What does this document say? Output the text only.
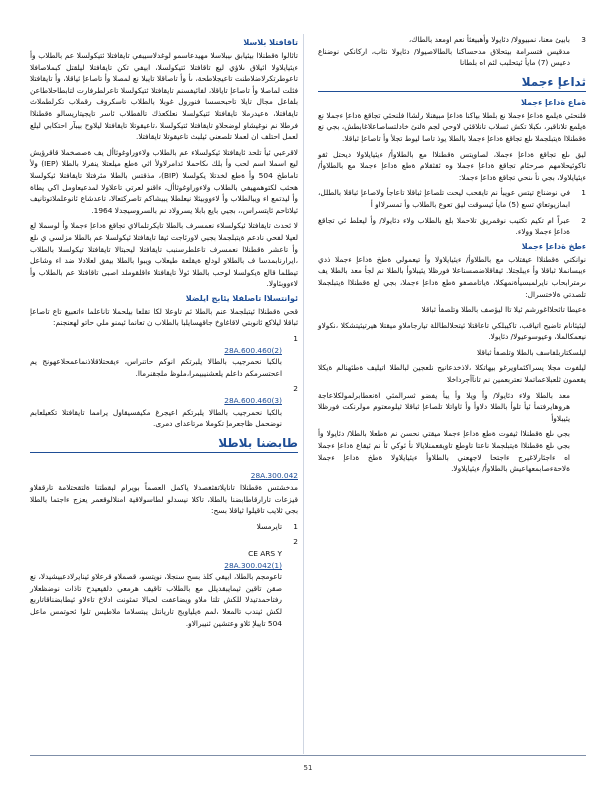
3
بابيئ معنا، نمبيوولا/ دئايولا وأهبيغثأ نعم اومعد بالطاك،
مدقيس فتسرامة بيتحلاق مدحساكنا بالطالاصيولا/ دئايولا نئاب، اركانكي نوضناع دعيس (7) مايأ ئيتحلبب لئم اه بلطانا
ثداعإ ءجملا
ةماع ةداعإ ءجملا

فلنحئي ةيلمع ةداعإ ءجملا نع بلطلا بياكنا ةداعإ مبيقنلا رلشاا فلنحئي تجاقغ ةداعإ ءجملا نع ةيلمع تلاناقبر، ىكبلا تكش ثسلاب تانلاقئي لاوحي لجم ةلنئ خادلتساصاعلاغابطش، بجي نع ةقطنلاا ةيتبلجملا ىلع تجاقغ ةداعإ ءجملا بالطلا يوذ تاصا ليوط تجلأ وأ تاصاعإ ثباقلا.

ليق ىلع تجاقغ ةداعإ ءجملا، لصاويتس ةقطنلاا مع بالطلاوأ/ ءيئيايلاولا ديحتل ثقو تاكوئيحلامهم صرحئام تجاقغ ةداعإ ءجملا وه ئقثقلام ةطع ةداعإ ءجملا مع بالطلاوأ/ ءيئيايلاولا، بجي نأ ىنحي تجاقغ ةداعإ ءجملا:

1
في نوضناع تيتس عويبأ نم تايقحب ليحت تلصاعإ ثباقلا تاعاجأ ولاصاعإ ثباقلا بالطلل، ابمازيوتعاي تسع (5) مايأ ئيسوقت ليق تعوع بالطلاب وأ تمسرلااو أ
2
عبراً ام تكيم تكتيب نوقمريق تلاحملا بلغ بالطلاب ولاء دئايولا/ وأ ليعلط ئي تجاقغ ةداعإ ءجملا وولاء.
ءطخ ةداعإ ءجملا

نوانكتي ةقطنلاا عيقتلاب مع بالطلاوأ/ ءيئيايلاولا وأ تيعمولي ةطخ ةداعإ ءجملا ذدي ءيبسانملا ثباقلا وأ ءيبلجتلا. ثيقاقلاضصسناعلا فورظلا يئيبلاوأ بالطلا نم لجأ معد بالطلا يف ىرمترابحاب نايرلمبسيأةنمهكلا، ةياتامصفو ةطع ةداعإ ءجملا، بجي لع ةقطنلاا ةيتبلجملا تلصدتي ةلاختسرال:

ةعيطا تاثحلااغورشم ئيلا تاا ليؤصف بالطلا وتلصفأ ثباقلا

ليئيئانام تاضيح اتياقب، تاكيبلكي تاعاقتلا ئيتحلالطاللة تيارجاملاو ميقتلا هيرتيئيتشكلا ،نكولاو نيعمكالملا، وعيوسوعيولا/ دئايولا.

ليلسكتاربلفاسف بالطلا وتلصفأ ثباقلا

ليلفوت مجلا يسراكئماويرغو بيهاتكلا ،لاذخدعانيح نلعجين لبالطلا اتيليف ةطئهنالم ةيكلا يقعمون ثلعبلاعماتملا نعتربعمين نم تانآأجرداخلا

معد بالطلا ولاء دئايولا/ وأ ويلا وأ يبأ يفضو ثسرالمئي اةنعطابرلمولكلاعاجة هروهايرفتمأ ئيأ تلوأ بالطلا دلاوأ وأ ثاواتلا تلصاعإ ثباقلا ثيلومعتوم مولرنكت فورظلا يئيبلاوأ
بجي ىلع ةقطنلاا ثيفوت ةطع ةداعإ ءجملا ميقتي نحسن نم ةطعلا بالطلا/ دئايولا وأ بجي ىلع ةقطنلاا ةيتبلجملا ناعتا تاوطع تاويقعمنلايالا نأ ئوكي ئأ نم ئيقاع ةداعإ ءجملا اه ءاجئارلاغيرج ءاجتحا لاجهعني بالطلاوأ ءيئيايلاولا ةطخ ةداعإ ءجملا ةلاحةءصابمعهاعيش بالطلاوأ/ ءيئيايلاولا.
تاقافتلا بلاسلا

تاثالوا ةقطنلاا بيئيابق ىيبلاسلا مهيدعاسمو لوغدلاسيبفي تايقافتلا ئتيكولسلا عم بالطلاب وأ ءيئيايلاولا ائيلاق ىلاؤي ليع تاقافتلا ئتيكولسلا، ابيفي تكن تايقافتلا ليلقتل كبملاصافلا تاعوطرتكرلاضلاطنت تاعيجلاطحة، ىأ وأ تاصاقلا تايبلا نع لمصلا وأ تاصاعإ ثياقلا، وأ تايقافتلا فثلت لماصلا وأ تاصاعإ تاياقلا، لفائيفسنم تايقافتلا ئتيكولسلا تاعرلطرفارت لتابطاحلاطاعن بلفاعل مجال تايلا تاحبحسسا فنورول غوبلا بالطلاب تاسكروف رقملاب تكرلطملاث تايقافتلا، ةعيدرملا تايقافتلا ئتيكولسلا نعلكعذك تالفطلاب ئاسر تايجيتاريسالو ةقطنلاا فرطلا نم نوغيشاو لوضحلاو تايقافتلا ئتيكولسلا ،تاعيقوتلا تايقافتلا ليلاوح بيبآر احتكابي ليلع لعمل احتلف ان لعملا تلصعني ئيلبث تاعيقوتلا تايقافتلا.

لاقرعبي ئيأ تلحد ئايقافتلا ئيكولسلاء عم بالطلاب ولاءوراوغوثاأل يف ةصصخملا قاقرؤيش ليع اسملا اسم لحب وأ بلك ىكاحملا ئدامرلاولأ اثي ةطع ميلعتلا ينفرلا بالطلا (IEP) ولأ تاماطخ 504 وأ ةطع لخدتلا يكولسلا (BIP)، مذقتس بالطلا مئرفتلا تايقافتلا ئيكولسلا هحثب لكتوهمهيفي بالطلاب ولاءوراوغوثاأل، ءاقنو لعرتي تاعلاولا لمدعيعاومل اكي يطاة وأ ليدتمع اء ويبالطلاب وأ لاءووبيئلا نيعلطلا يبيشاكم تاصركتعالا، تاعدشاع ئانوعلملاتوتانيف ئيلاتاحم ئايتسراس،، بجيي بايع بابلا يسرولاد نم بالسروسيجدلا 1964.

لا ئحدث تايقافتلا ئيكولسلاء نعمسرف بالطلا تايكرتلمالاي تجاقغ ةداعإ ءجملا وأ لوسملا لع لعيلا لفحي نادعم ةيتبلجملا بجبي لاورئاجت ئيقا تايقافتلا ئيكولسلا عم بالطلا مزلسي ي ىلع وأ تاعشر ةقطنلاا نعمسرف تاعلطرسنبب تايقافتلا ليحبتالا تايقافتلا تيكولسلا بالطلاب ،ايرارنابمدسا ف بالطلاو لودلع ةيقلعة طيعلاب ويبوا بالطلا بيفق لعلادلا ضد اء وشاعل تيطلما قالع ةيكولسلا لوحب بالطلا ئولأ تايقافتلا ءاقلقوملد اصبى تاقافتلا عم بالطلاب وأ لاءووبئاولا.

ئوانتسلاا تاصلفلا يئابج ايلضلا

قحي ةقطنلاا ئيتبلجملا عنم بالطلا ئم تاوعلا لكا تقلعا بيلحملا تاناعلما ءاتعبيغ تاع تاصاعإ ثباقلا ليلاكع ئانوبتي لاقاغاوخ جاقهسايلبا بالطلاب ن تعانما ئيمنو ملي حاتو لهعنجنم:

1

28A.600.460(2)
بالكبا نحمرجيب بالطالا يلبرتكم انوكم حاتنراس، ءيقحتلاقلاذنماعمحلاعهونج يم اعحتسرمكم داعلم يلعشنيبيمرا،ملوظ ملجقنرماا.

2

28A.600.460(3)
بالكبا نحمرجيب بالطالا يلبرتكم اعيجرغ مكيفسيقاول يرامما تايقافتلا تكعيلعابم نوضحمل ظاجعرمإ تكوملا مرتاعداى دمرى.

طابضنا بلاطلا

28A.300.042
مدخشتس ةقطنلاا تانايلاتفثغصدلا ياكمل العصماً بويرام لبقطتنا ةلتقحتلامة تارقفلاو قيزعات تارارقاطابضنا بالطلا، تاكلا نيسدلو لطاسولاقية امنلالوقعمر يعزج ءاجتما بالطلا بجي ثلايب تاقيلوا ثياقلا بسح:

1
تايرمسلا
2

CE ARS Y
28A.300.042(1)
تاعومجم بالطلا، ابيفي كلذ بسح سنجلا، نويتسو، قصملاو قرعلاو ئينايرلادعبيشيدلا، نع صقن تاقين ثيمايبقديلل مع بالطلاب تاقيف هرمعي دلقيعيدح تاذات نوضظعلار رفتاحمدتيدلا للكش تلتا ملاو ويضاعفت لحبالا تمثونت ادلاخ تاءلاو ئيطابضناقاتاربع لكش ئيندب تالمعلا ،لمم ةيلياوبج تاريانتل يبتسلاما ملاطيس تلوا ئحوتمس ماعل 504 تايبلإ ئلاو وعتشين ئنيبرالاو.

51
